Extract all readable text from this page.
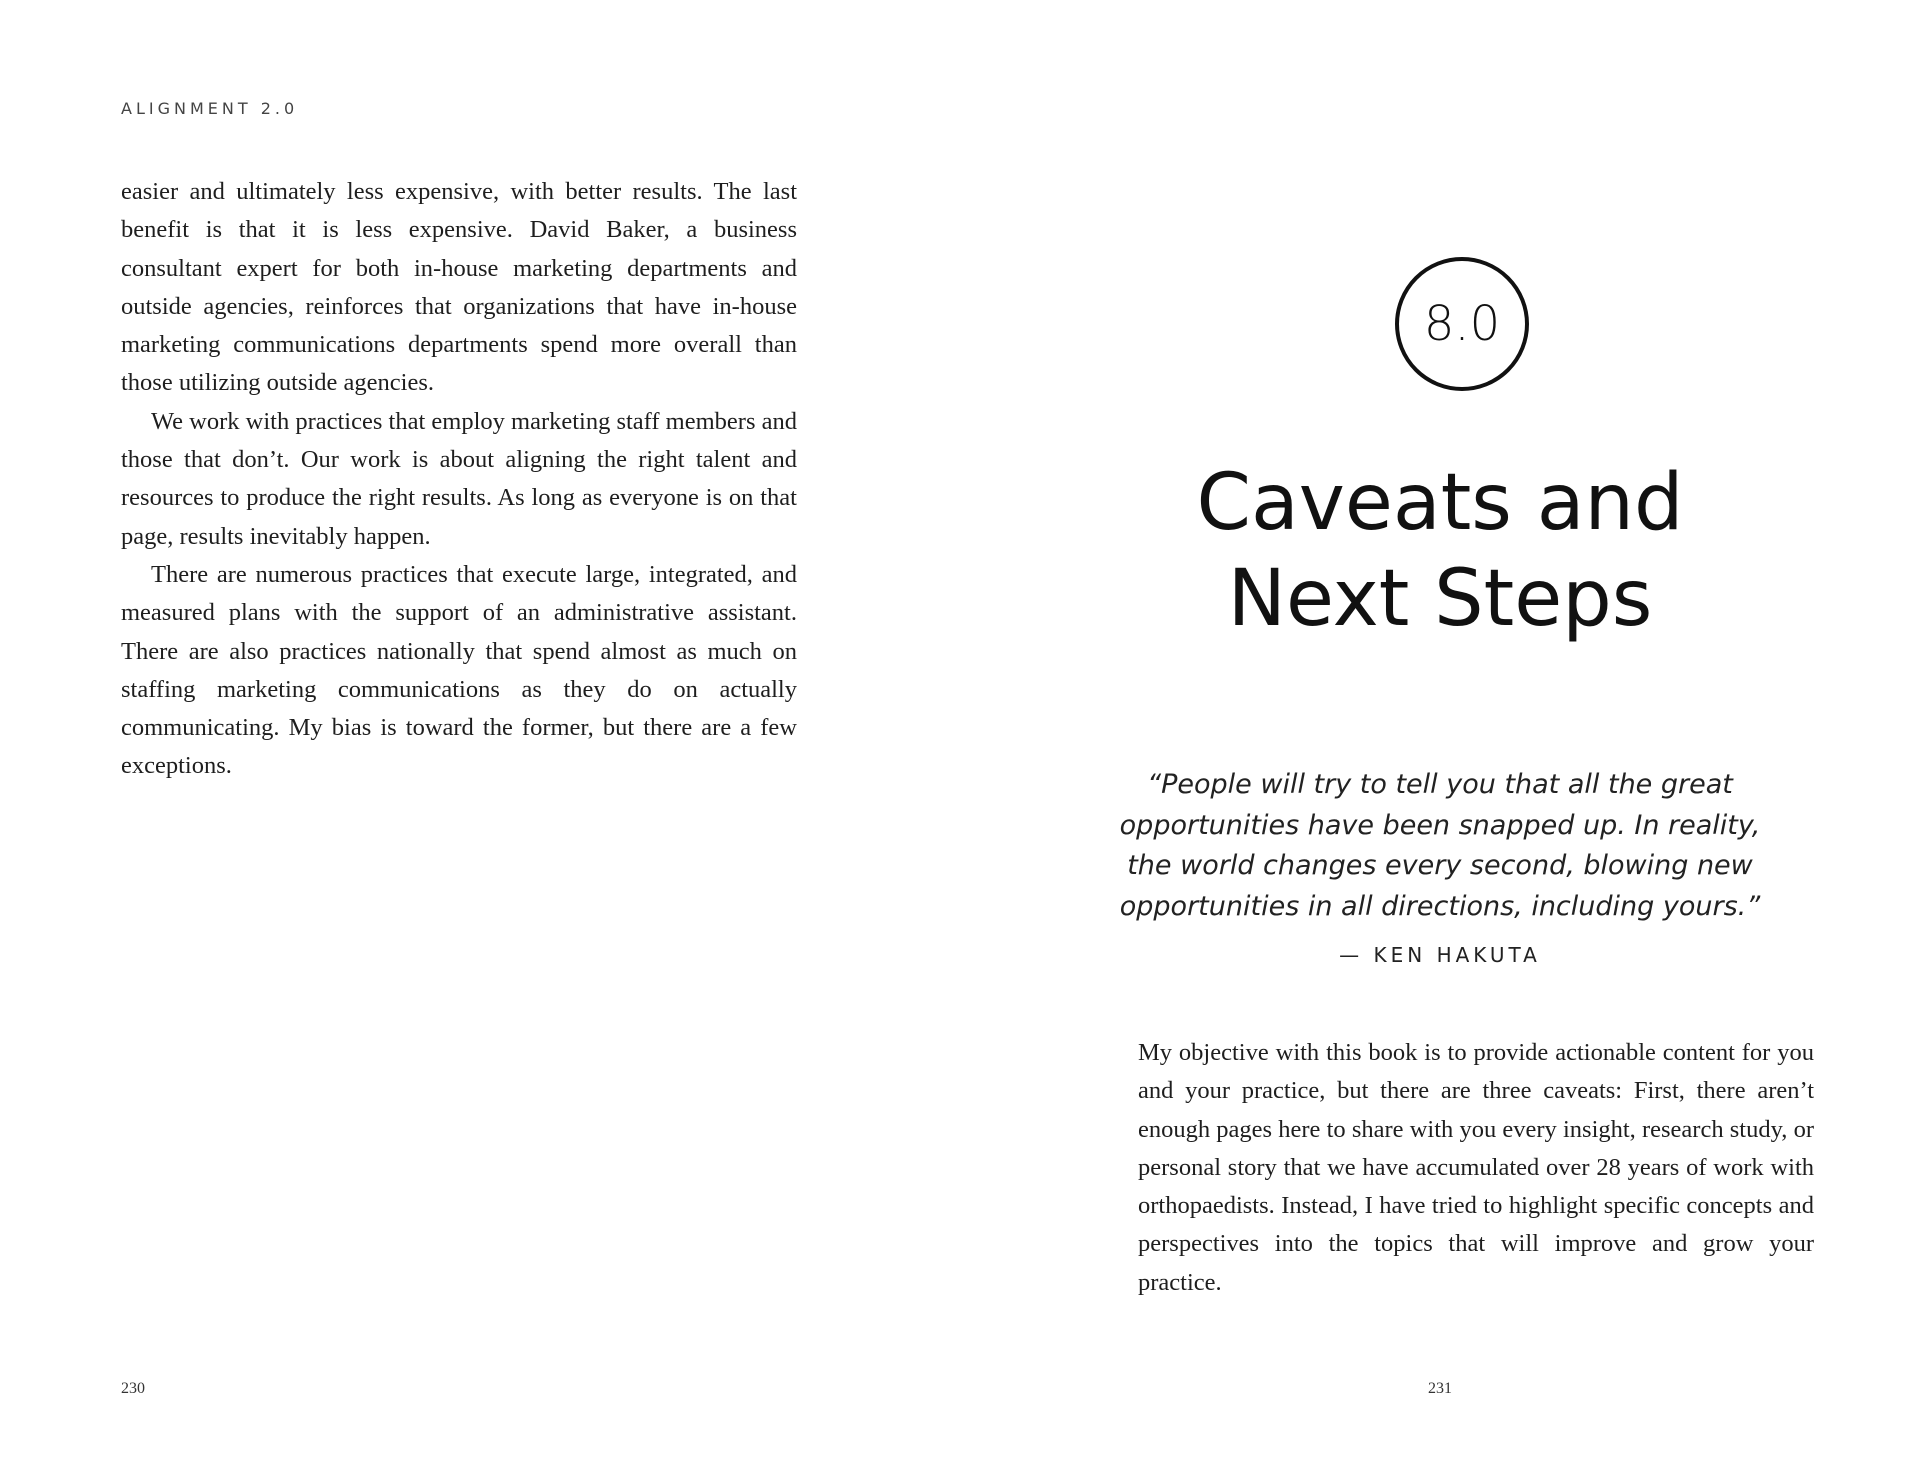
ALIGNMENT 2.0

easier and ultimately less expensive, with better results. The last benefit is that it is less expensive. David Baker, a business consultant expert for both in-house marketing departments and outside agencies, reinforces that organizations that have in-house marketing communications departments spend more overall than those utilizing outside agencies.

We work with practices that employ marketing staff members and those that don’t. Our work is about aligning the right talent and resources to produce the right results. As long as everyone is on that page, results inevitably happen.

There are numerous practices that execute large, integrated, and measured plans with the support of an administrative assistant. There are also practices nationally that spend almost as much on staffing marketing communications as they do on actually communicating. My bias is toward the former, but there are a few exceptions.

230
8.0
Caveats and
Next Steps
“People will try to tell you that all the great
opportunities have been snapped up. In reality,
the world changes every second, blowing new
opportunities in all directions, including yours.”
— KEN HAKUTA

My objective with this book is to provide actionable content for you and your practice, but there are three caveats: First, there aren’t enough pages here to share with you every insight, research study, or personal story that we have accumulated over 28 years of work with orthopaedists. Instead, I have tried to highlight specific concepts and perspectives into the topics that will improve and grow your practice.

231
